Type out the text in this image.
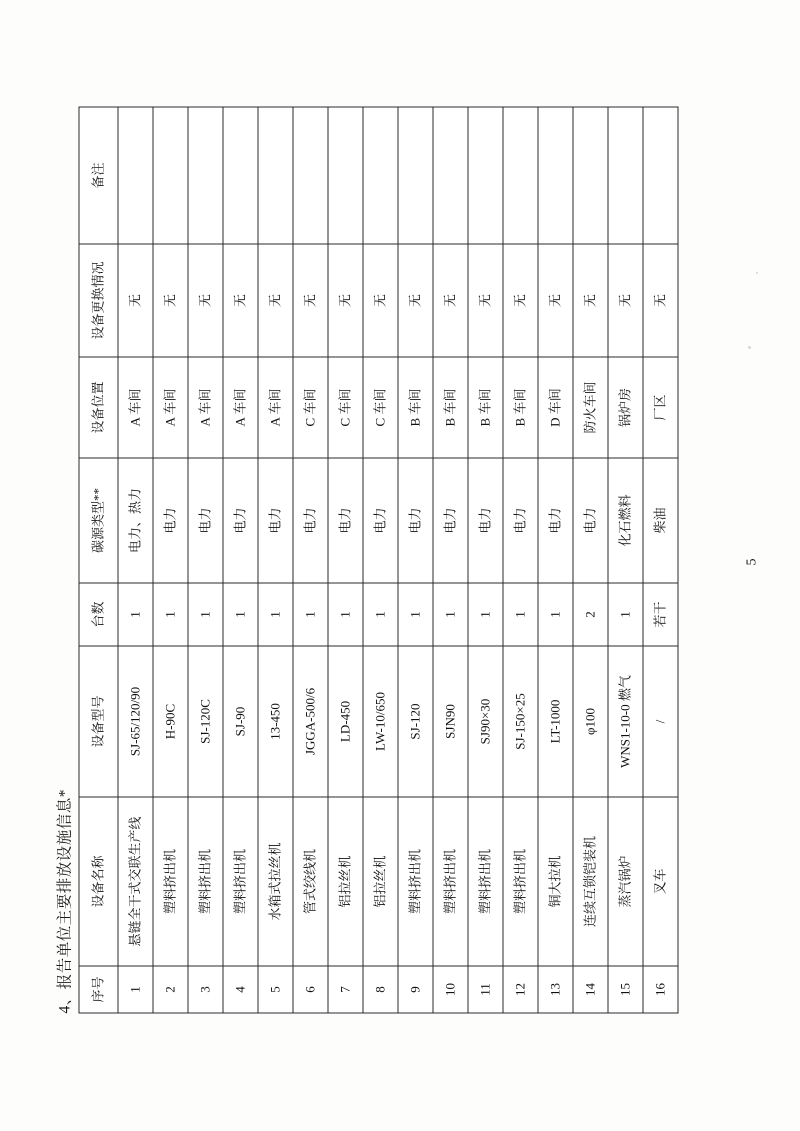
4、报告单位主要排放设施信息*
5
序号	设备名称	设备型号	台数	碳源类型**	设备位置	设备更换情况	备注
1	悬链全干式交联生产线	SJ-65/120/90	1	电力、热力	A 车间	无	
2	塑料挤出机	H-90C	1	电力	A 车间	无	
3	塑料挤出机	SJ-120C	1	电力	A 车间	无	
4	塑料挤出机	SJ-90	1	电力	A 车间	无	
5	水箱式拉丝机	13-450	1	电力	A 车间	无	
6	管式绞线机	JGGA-500/6	1	电力	C 车间	无	
7	铝拉丝机	LD-450	1	电力	C 车间	无	
8	铝拉丝机	LW-10/650	1	电力	C 车间	无	
9	塑料挤出机	SJ-120	1	电力	B 车间	无	
10	塑料挤出机	SJN90	1	电力	B 车间	无	
11	塑料挤出机	SJ90×30	1	电力	B 车间	无	
12	塑料挤出机	SJ-150×25	1	电力	B 车间	无	
13	铜大拉机	LT-1000	1	电力	D 车间	无	
14	连续互锁铠装机	φ100	2	电力	防火车间	无	
15	蒸汽锅炉	WNS1-10-0 燃气	1	化石燃料	锅炉房	无	
16	叉车	/	若干	柴油	厂区	无	
